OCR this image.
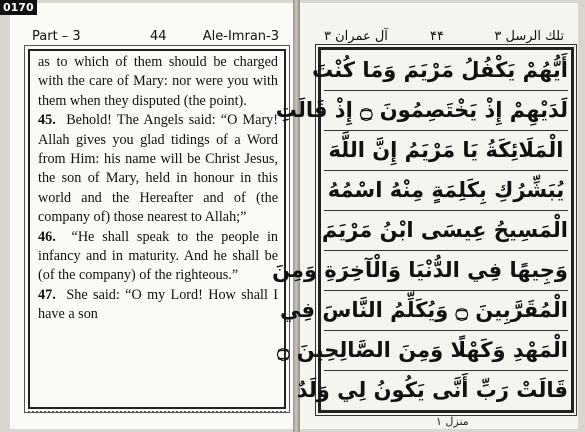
0170
Part – 3	44	Ale-Imran-3

as to which of them should be charged with the care of Mary: nor were you with them when they disputed (the point).

45. Behold! The Angels said: “O Mary! Allah gives you glad tidings of a Word from Him: his name will be Christ Jesus, the son of Mary, held in honour in this world and the Hereafter and of (the company of) those nearest to Allah;”

46. “He shall speak to the people in infancy and in maturity. And he shall be (of the company) of the righteous.”

47. She said: “O my Lord! How shall I have a son

آل عمران ۳	۴۴	تلك الرسل ۳
أَيُّهُمْ يَكْفُلُ مَرْيَمَ وَمَا كُنْتَ
لَدَيْهِمْ إِذْ يَخْتَصِمُونَ ۝ إِذْ قَالَتِ
الْمَلَائِكَةُ يَا مَرْيَمُ إِنَّ اللَّهَ
يُبَشِّرُكِ بِكَلِمَةٍ مِنْهُ اسْمُهُ
الْمَسِيحُ عِيسَى ابْنُ مَرْيَمَ
وَجِيهًا فِي الدُّنْيَا وَالْآخِرَةِ وَمِنَ
الْمُقَرَّبِينَ ۝ وَيُكَلِّمُ النَّاسَ فِي
الْمَهْدِ وَكَهْلًا وَمِنَ الصَّالِحِينَ ۝
قَالَتْ رَبِّ أَنَّى يَكُونُ لِي وَلَدٌ
منزل ۱
